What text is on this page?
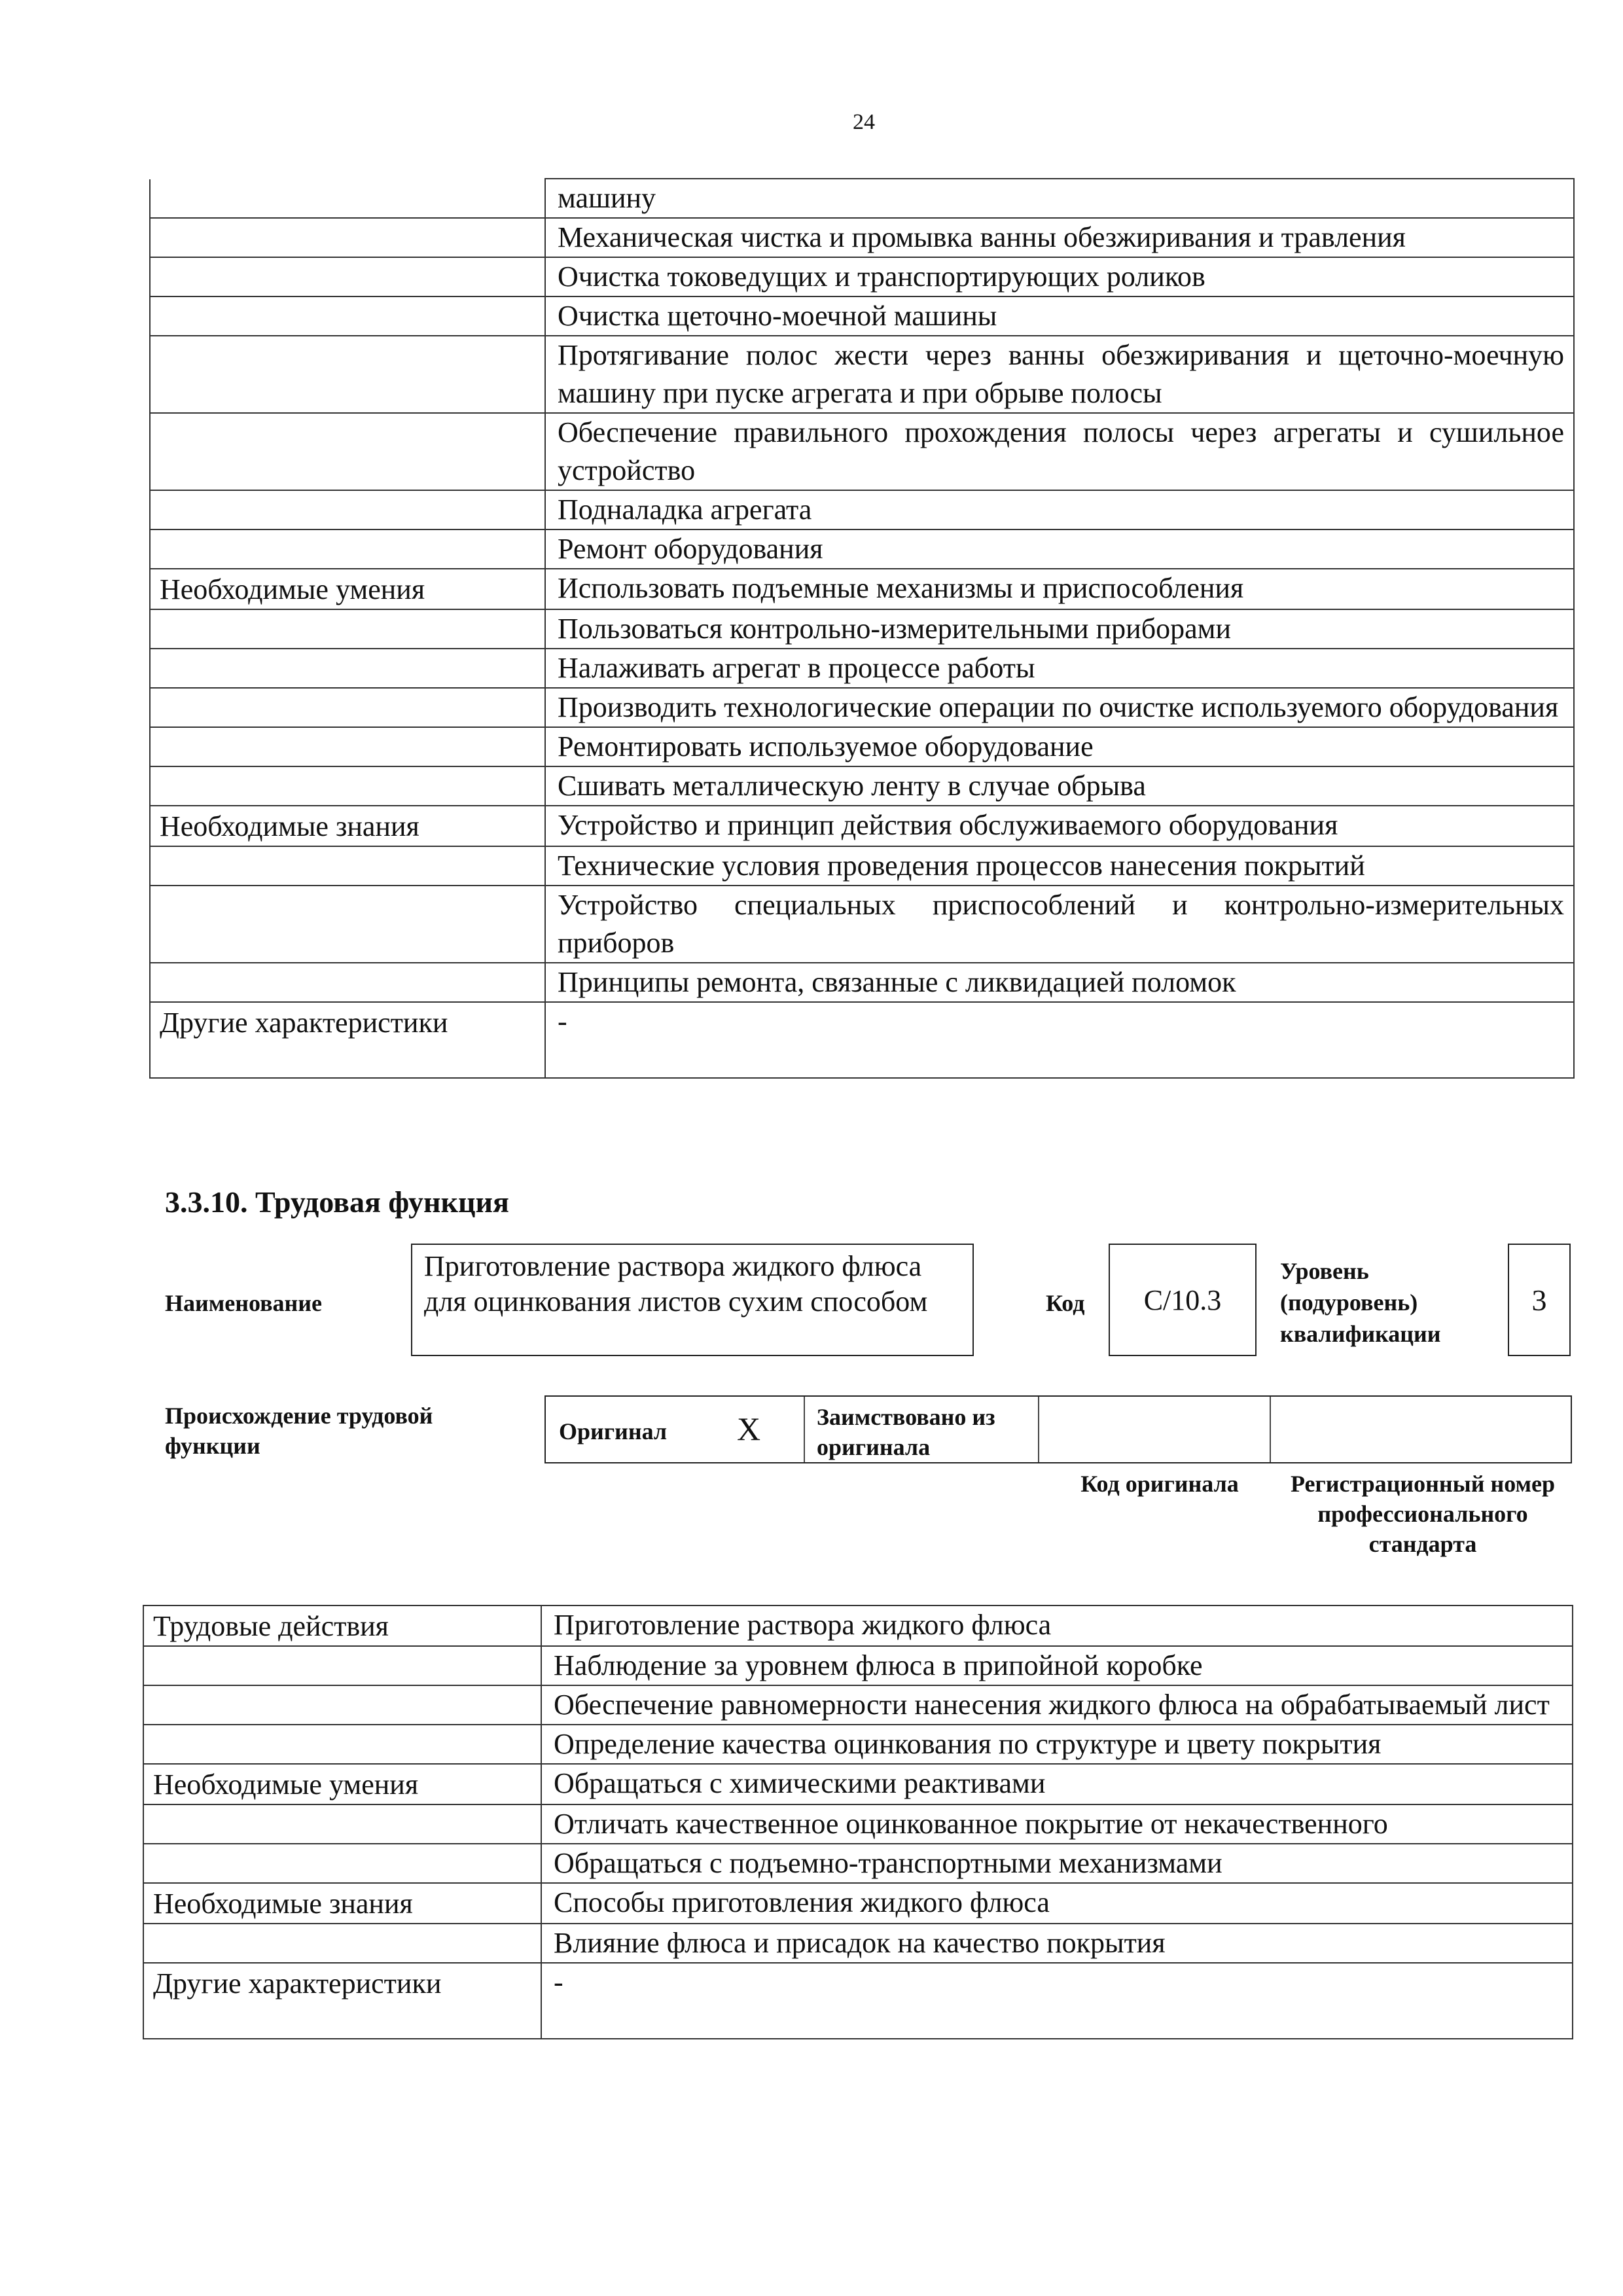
24
	машину
	Механическая чистка и промывка ванны обезжиривания и травления
	Очистка токоведущих и транспортирующих роликов
	Очистка щеточно-моечной машины
	Протягивание полос жести через ванны обезжиривания и щеточно-моечную машину при пуске агрегата и при обрыве полосы
	Обеспечение правильного прохождения полосы через агрегаты и сушильное устройство
	Подналадка агрегата
	Ремонт оборудования
Необходимые умения	Использовать подъемные механизмы и приспособления
	Пользоваться контрольно-измерительными приборами
	Налаживать агрегат в процессе работы
	Производить технологические операции по очистке используемого оборудования
	Ремонтировать используемое оборудование
	Сшивать металлическую ленту в случае обрыва
Необходимые знания	Устройство и принцип действия обслуживаемого оборудования
	Технические условия проведения процессов нанесения покрытий
	Устройство специальных приспособлений и контрольно-измерительных приборов
	Принципы ремонта, связанные с ликвидацией поломок
Другие характеристики	-
3.3.10. Трудовая функция
Наименование
Приготовление раствора жидкого флюса для оцинкования листов сухим способом	Код	C/10.3
Уровень (подуровень) квалификации
3
Происхождение трудовой функции
Оригинал X Заимствовано из оригинала
Код оригинала	Регистрационный номер профессионального стандарта
Трудовые действия	Приготовление раствора жидкого флюса
	Наблюдение за уровнем флюса в припойной коробке
	Обеспечение равномерности нанесения жидкого флюса на обрабатываемый лист
	Определение качества оцинкования по структуре и цвету покрытия
Необходимые умения	Обращаться с химическими реактивами
	Отличать качественное оцинкованное покрытие от некачественного
	Обращаться с подъемно-транспортными механизмами
Необходимые знания	Способы приготовления жидкого флюса
	Влияние флюса и присадок на качество покрытия
Другие характеристики	-
